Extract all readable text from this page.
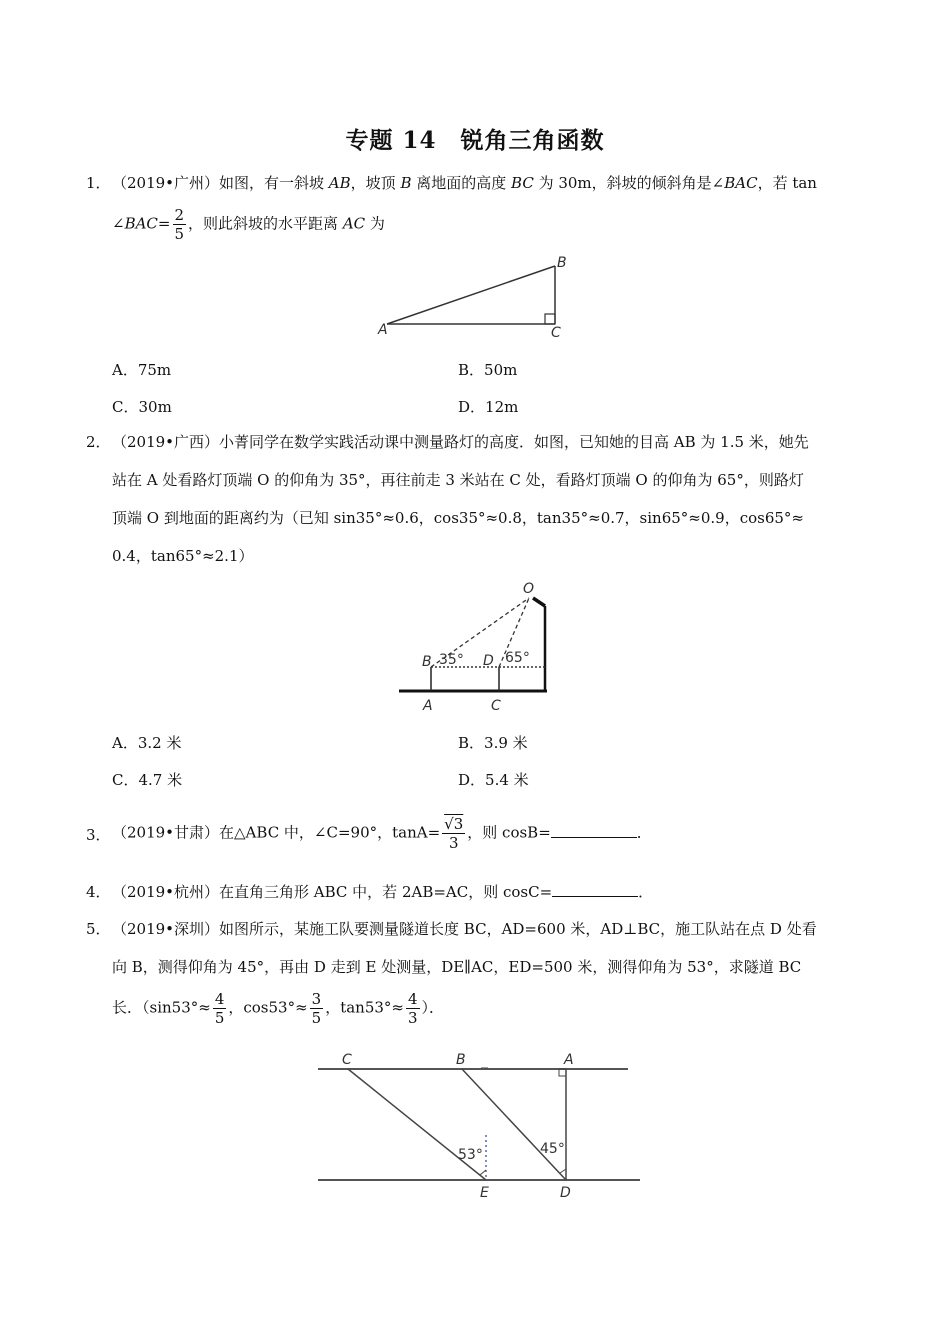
专题 14　锐角三角函数
1． （2019•广州）如图，有一斜坡 AB，坡顶 B 离地面的高度 BC 为 30m，斜坡的倾斜角是∠BAC，若 tan
∠BAC= $\frac{2}{5}$ ，则此斜坡的水平距离 AC 为
A
B
C
A．75m	B．50m
C．30m	D．12m
2． （2019•广西）小菁同学在数学实践活动课中测量路灯的高度．如图，已知她的目高 AB 为 1.5 米，她先
站在 A 处看路灯顶端 O 的仰角为 35°，再往前走 3 米站在 C 处，看路灯顶端 O 的仰角为 65°，则路灯
顶端 O 到地面的距离约为（已知 sin35°≈0.6，cos35°≈0.8，tan35°≈0.7，sin65°≈0.9，cos65°≈
0.4，tan65°≈2.1）
O
B	D
A	C
35°	65°
A．3.2 米	B．3.9 米
C．4.7 米	D．5.4 米
3． （2019•甘肃）在△ABC 中，∠C=90°，$\tan A= \frac{√3}{3}$ ，则 cosB=	．
4． （2019•杭州）在直角三角形 ABC 中，若 2AB=AC，则 cosC=	．
5． （2019•深圳）如图所示，某施工队要测量隧道长度 BC，AD=600 米，AD⊥BC，施工队站在点 D 处看
向 B，测得仰角为 45°，再由 D 走到 E 处测量，DE∥AC，ED=500 米，测得仰角为 53°，求隧道 BC
长．（$\sin 53^\circ\approx \frac{4}{5}$ ，$\cos 53^\circ\approx \frac{3}{5}$ ，$\tan 53^\circ\approx \frac{4}{3}$ ）．
C	B	A
E	D
53°	45°
